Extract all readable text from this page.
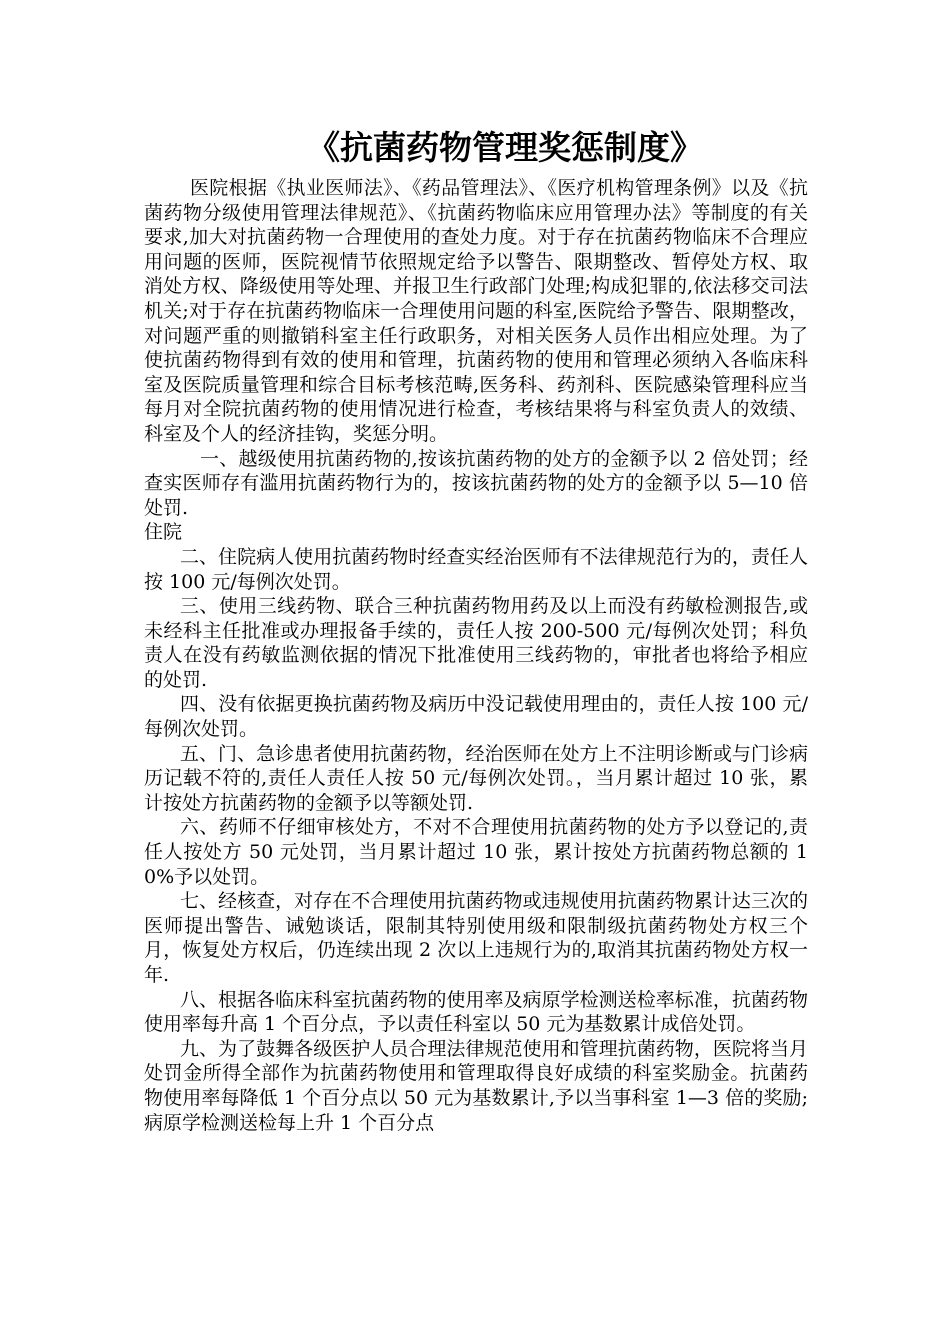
《抗菌药物管理奖惩制度》

医院根据《执业医师法》、《药品管理法》、《医疗机构管理条例》以及《抗菌药物分级使用管理法律规范》、《抗菌药物临床应用管理办法》等制度的有关要求,加大对抗菌药物一合理使用的查处力度。对于存在抗菌药物临床不合理应用问题的医师，医院视情节依照规定给予以警告、限期整改、暂停处方权、取消处方权、降级使用等处理、并报卫生行政部门处理;构成犯罪的,依法移交司法机关;对于存在抗菌药物临床一合理使用问题的科室,医院给予警告、限期整改，对问题严重的则撤销科室主任行政职务，对相关医务人员作出相应处理。为了使抗菌药物得到有效的使用和管理，抗菌药物的使用和管理必须纳入各临床科室及医院质量管理和综合目标考核范畴,医务科、药剂科、医院感染管理科应当每月对全院抗菌药物的使用情况进行检查，考核结果将与科室负责人的效绩、科室及个人的经济挂钩，奖惩分明。

一、越级使用抗菌药物的,按该抗菌药物的处方的金额予以 2 倍处罚；经查实医师存有滥用抗菌药物行为的，按该抗菌药物的处方的金额予以 5—10 倍处罚.

住院

二、住院病人使用抗菌药物时经查实经治医师有不法律规范行为的，责任人按 100 元/每例次处罚。

三、使用三线药物、联合三种抗菌药物用药及以上而没有药敏检测报告,或未经科主任批准或办理报备手续的，责任人按 200-500 元/每例次处罚；科负责人在没有药敏监测依据的情况下批准使用三线药物的，审批者也将给予相应的处罚.

四、没有依据更换抗菌药物及病历中没记载使用理由的，责任人按 100 元/每例次处罚。

五、门、急诊患者使用抗菌药物，经治医师在处方上不注明诊断或与门诊病历记载不符的,责任人责任人按 50 元/每例次处罚。，当月累计超过 10 张，累计按处方抗菌药物的金额予以等额处罚.

六、药师不仔细审核处方，不对不合理使用抗菌药物的处方予以登记的,责任人按处方 50 元处罚，当月累计超过 10 张，累计按处方抗菌药物总额的 10%予以处罚。

七、经核查，对存在不合理使用抗菌药物或违规使用抗菌药物累计达三次的医师提出警告、诫勉谈话，限制其特别使用级和限制级抗菌药物处方权三个月，恢复处方权后，仍连续出现 2 次以上违规行为的,取消其抗菌药物处方权一年.

八、根据各临床科室抗菌药物的使用率及病原学检测送检率标准，抗菌药物使用率每升高 1 个百分点，予以责任科室以 50 元为基数累计成倍处罚。

九、为了鼓舞各级医护人员合理法律规范使用和管理抗菌药物，医院将当月处罚金所得全部作为抗菌药物使用和管理取得良好成绩的科室奖励金。抗菌药物使用率每降低 1 个百分点以 50 元为基数累计,予以当事科室 1—3 倍的奖励;病原学检测送检每上升 1 个百分点
